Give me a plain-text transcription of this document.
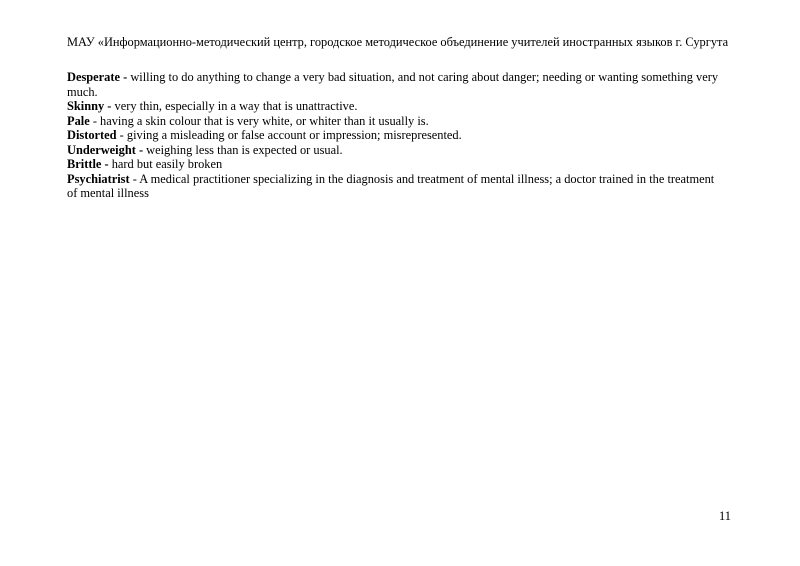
МАУ «Информационно-методический центр, городское методическое объединение учителей иностранных языков г. Сургута

Desperate - willing to do anything to change a very bad situation, and not caring about danger; needing or wanting something very much.

Skinny - very thin, especially in a way that is unattractive.

Pale - having a skin colour that is very white, or whiter than it usually is.

Distorted - giving a misleading or false account or impression; misrepresented.

Underweight - weighing less than is expected or usual.

Brittle - hard but easily broken

Psychiatrist - A medical practitioner specializing in the diagnosis and treatment of mental illness; a doctor trained in the treatment of mental illness

11
